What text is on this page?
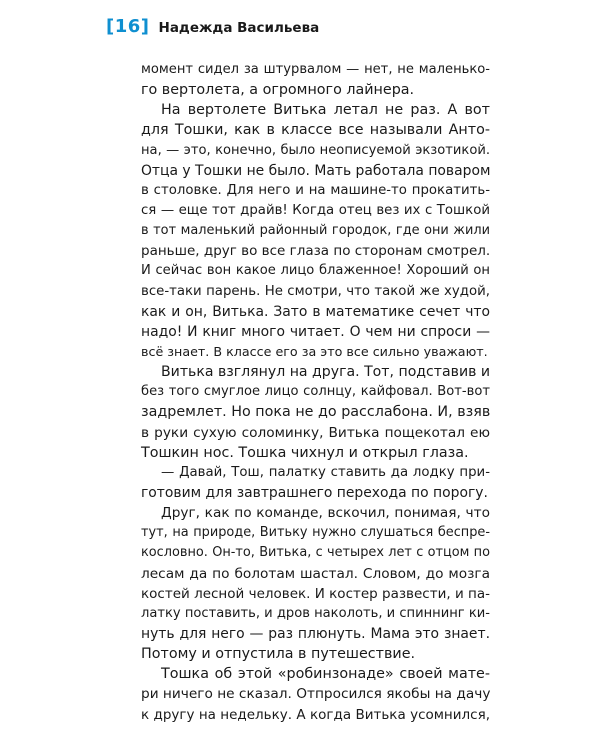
[16] Надежда Васильева
момент сидел за штурвалом — нет, не маленько-
го вертолета, а огромного лайнера.
На вертолете Витька летал не раз. А вот
для Тошки, как в классе все называли Анто-
на, — это, конечно, было неописуемой экзотикой.
Отца у Тошки не было. Мать работала поваром
в столовке. Для него и на машине-то прокатить-
ся — еще тот драйв! Когда отец вез их с Тошкой
в тот маленький районный городок, где они жили
раньше, друг во все глаза по сторонам смотрел.
И сейчас вон какое лицо блаженное! Хороший он
все-таки парень. Не смотри, что такой же худой,
как и он, Витька. Зато в математике сечет что
надо! И книг много читает. О чем ни спроси —
всё знает. В классе его за это все сильно уважают.
Витька взглянул на друга. Тот, подставив и
без того смуглое лицо солнцу, кайфовал. Вот-вот
задремлет. Но пока не до расслабона. И, взяв
в руки сухую соломинку, Витька пощекотал ею
Тошкин нос. Тошка чихнул и открыл глаза.
— Давай, Тош, палатку ставить да лодку при-
готовим для завтрашнего перехода по порогу.
Друг, как по команде, вскочил, понимая, что
тут, на природе, Витьку нужно слушаться беспре-
кословно. Он-то, Витька, с четырех лет с отцом по
лесам да по болотам шастал. Словом, до мозга
костей лесной человек. И костер развести, и па-
латку поставить, и дров наколоть, и спиннинг ки-
нуть для него — раз плюнуть. Мама это знает.
Потому и отпустила в путешествие.
Тошка об этой «робинзонаде» своей мате-
ри ничего не сказал. Отпросился якобы на дачу
к другу на недельку. А когда Витька усомнился,
